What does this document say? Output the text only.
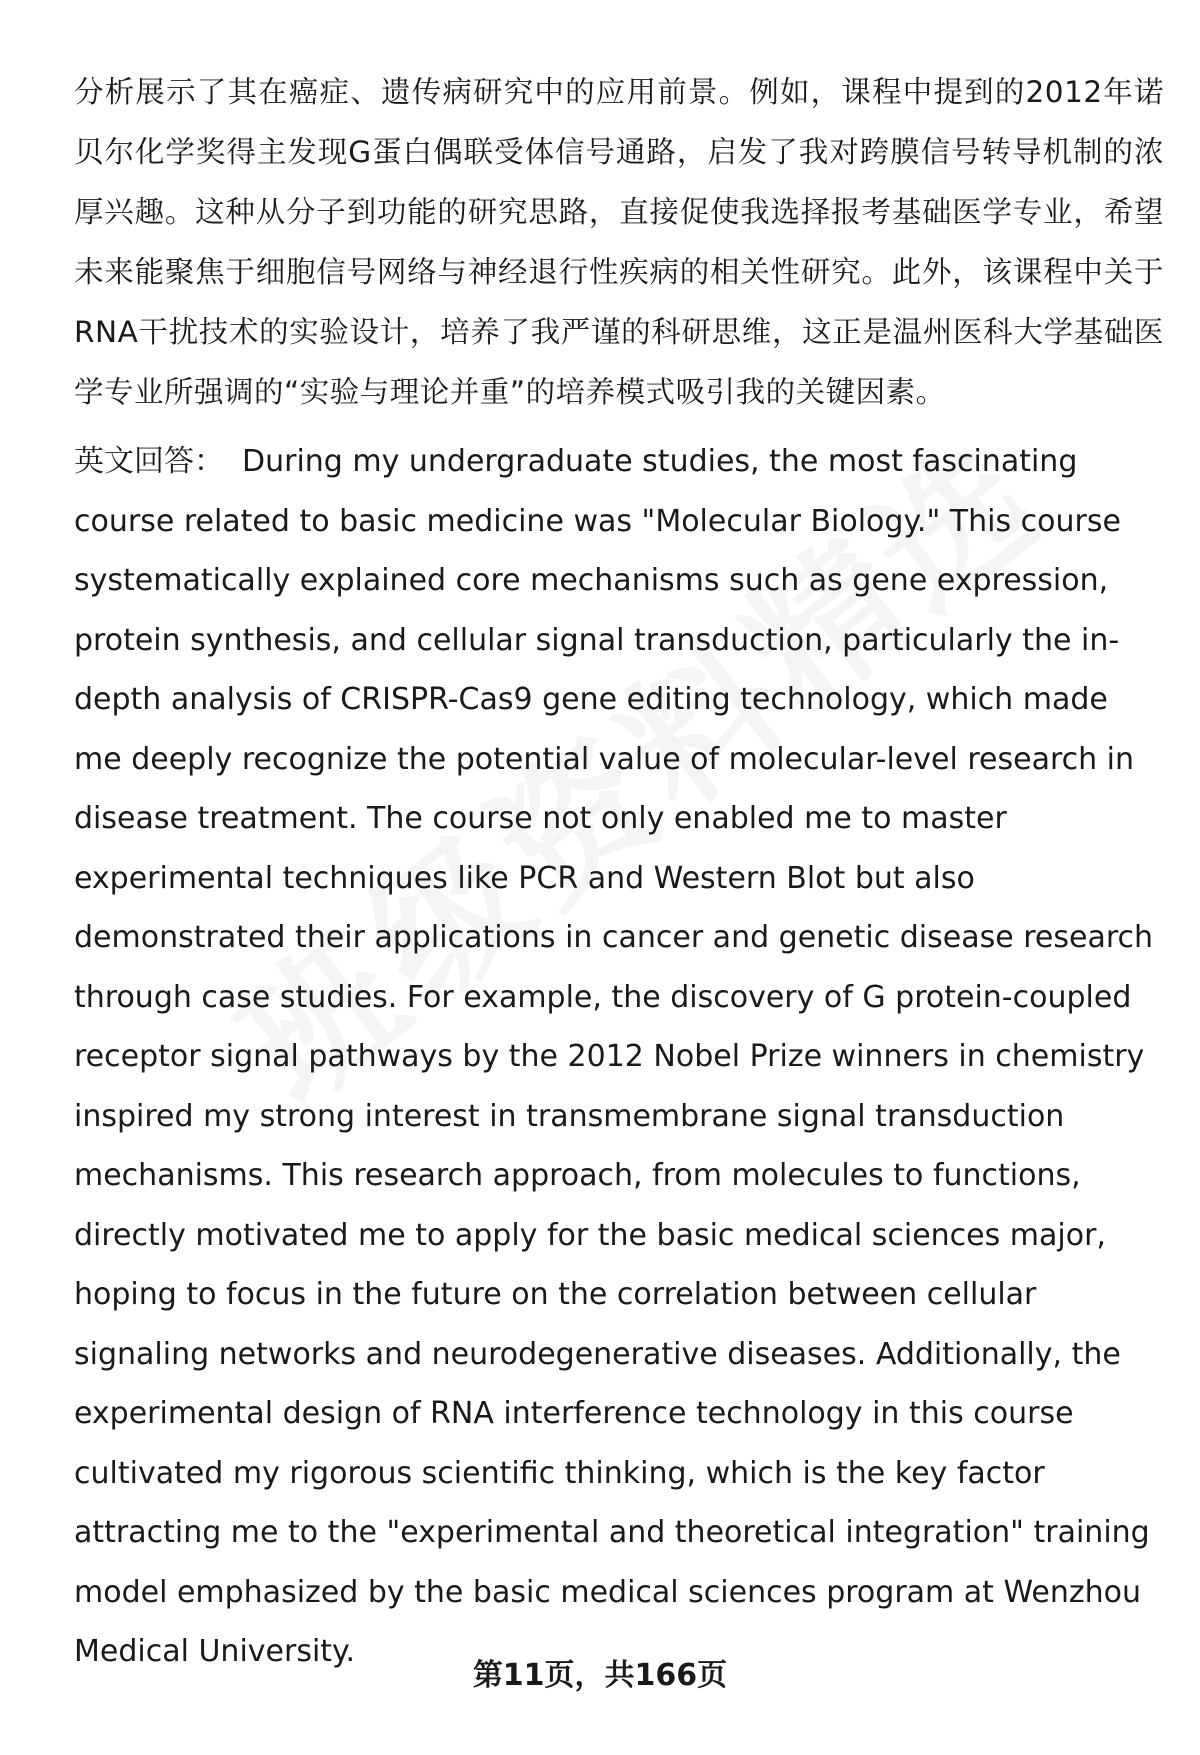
分析展示了其在癌症、遗传病研究中的应用前景。例如，课程中提到的2012年诺贝尔化学奖得主发现G蛋白偶联受体信号通路，启发了我对跨膜信号转导机制的浓厚兴趣。这种从分子到功能的研究思路，直接促使我选择报考基础医学专业，希望未来能聚焦于细胞信号网络与神经退行性疾病的相关性研究。此外，该课程中关于RNA干扰技术的实验设计，培养了我严谨的科研思维，这正是温州医科大学基础医学专业所强调的“实验与理论并重”的培养模式吸引我的关键因素。

英文回答： During my undergraduate studies, the most fascinating course related to basic medicine was "Molecular Biology." This course systematically explained core mechanisms such as gene expression, protein synthesis, and cellular signal transduction, particularly the in-depth analysis of CRISPR-Cas9 gene editing technology, which made me deeply recognize the potential value of molecular-level research in disease treatment. The course not only enabled me to master experimental techniques like PCR and Western Blot but also demonstrated their applications in cancer and genetic disease research through case studies. For example, the discovery of G protein-coupled receptor signal pathways by the 2012 Nobel Prize winners in chemistry inspired my strong interest in transmembrane signal transduction mechanisms. This research approach, from molecules to functions, directly motivated me to apply for the basic medical sciences major, hoping to focus in the future on the correlation between cellular signaling networks and neurodegenerative diseases. Additionally, the experimental design of RNA interference technology in this course cultivated my rigorous scientific thinking, which is the key factor attracting me to the "experimental and theoretical integration" training model emphasized by the basic medical sciences program at Wenzhou Medical University.

第11页，共166页
